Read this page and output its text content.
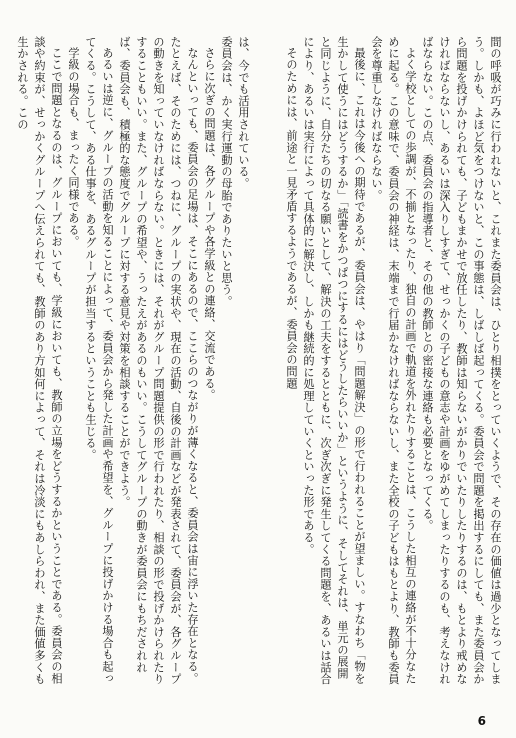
間の呼吸が巧みに行われないと、これまた委員会は、ひとり相撲をとっていくようで、その存在の価値は過少となってしまう。しかも、よほど気をつけないと、この事態は、しばしば起ってくる。委員会で問題を掲出するにしても、また委員会から問題を投げかけられても、子どもまかせで放任したり、教師は知らないがかりでいたりしたりするのは、もとより戒めなければならないし、あるいは深入りしすぎて、せっかくの子どもの意志や計画をゆがめてしまったりするのも、考えなければならない。この点、委員会の指導者と、その他の教師との密接な連絡も必要となってくる。

よく学校としての歩調が、不揃となったり、独自の計画で軌道を外れたりすることは、こうした相互の連絡が不十分なために起る。この意味で、委員会の神経は、末端まで行届かなければならないし、また全校の子どもはもとより、教師も委員会を尊重しなければならない。

最後に、これは今後への期待であるが、委員会は、やはり「問題解決」の形で行われることが望ましい。すなわち「物を生かして使うにはどうするか」「読書をかつぱつにするにはどうしたらいいか」というように、そしてそれは、単元の展開と同じように、自分たちの切なる願いとして、解決の工夫をするとともに、次ぎ次ぎに発生してくる問題を、あるいは話合により、あるいは実行によって具体的に解決し、しかも継続的に処理していくといった形である。

そのためには、前途と一見矛盾するようであるが、委員会の問題

は、今でも活用されている。

委員会は、かく実行運動の母胎でありたいと思う。

さらに次ぎの問題は、各グループや各学級との連絡、交流である。

なんといっても、委員会の足場は、そこにあるので、ここらのつながりが薄くなると、委員会は宙に浮いた存在となる。たとえば、そのためには、つねに、グループの実状や、現在の活動、自後の計画などが発表されて、委員会が、各グループの動きを知っていなければならない。ときには、それがグループ問題提供の形で行われたり、相談の形で投げかけられたりすることもいい。また、グループの希望や、うったえがあるのもいい。こうしてグループの動きが委員会にもちだされれば、委員会も、積極的な態度でグループに対する意見や対策を相談することができよう。

あるいは逆に、グループの活動を知ることによって、委員会から発した計画や希望を、グループに投げかける場合も起ってくる。こうして、ある仕事を、あるグループが担当するということも生じる。

学級の場合も、まったく同様である。

ここで問題となるのは、グループにおいても、学級においても、教師の立場をどうするかということである。委員会の相談や約束が、せっかくグループへ伝えられても、教師のあり方如何によって、それは冷淡にもあしらわれ、また価値多くも生かされる。この

6
